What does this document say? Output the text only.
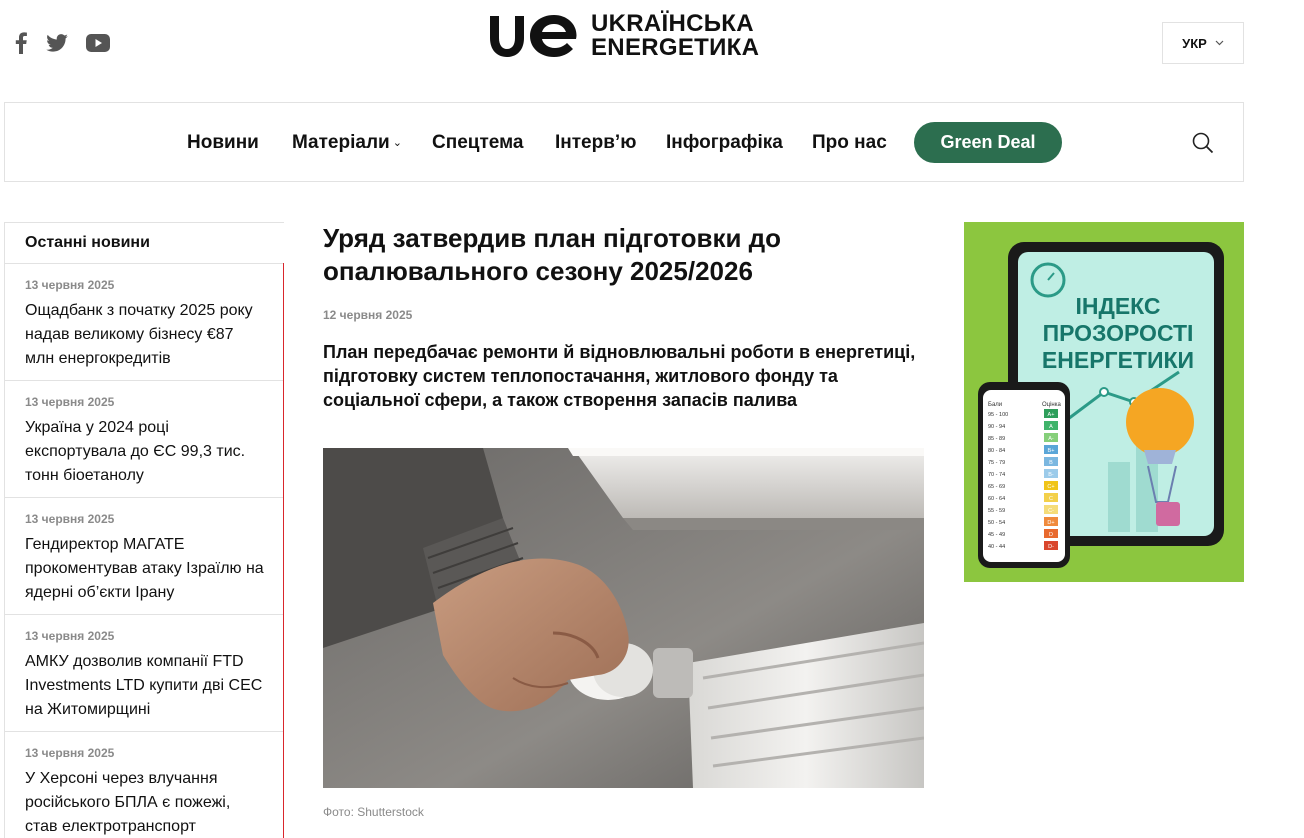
UKRAЇНСЬКА
ENERGETИКА	УКР
Новини Матеріали ⌄ Спецтема Інтерв’ю Інфографіка Про нас	Green Deal
Останні новини
13 червня 2025
Ощадбанк з початку 2025 року надав великому бізнесу €87 млн енергокредитів
13 червня 2025
Україна у 2024 році експортувала до ЄС 99,3 тис. тонн біоетанолу
13 червня 2025
Гендиректор МАГАТЕ прокоментував атаку Ізраїлю на ядерні об’єкти Ірану
13 червня 2025
АМКУ дозволив компанії FTD Investments LTD купити дві СЕС на Житомирщині
13 червня 2025
У Херсоні через влучання російського БПЛА є пожежі, став електротранспорт
Уряд затвердив план підготовки до опалювального сезону 2025/2026
12 червня 2025

План передбачає ремонти й відновлювальні роботи в енергетиці, підготовку систем теплопостачання, житлового фонду та соціальної сфери, а також створення запасів палива

Фото: Shutterstock
ІНДЕКС
ПРОЗОРОСТІ
ЕНЕРГЕТИКИ
Бали	Оцінка
95 - 100	A+
90 - 94	A
85 - 89	A-
80 - 84	B+
75 - 79	B
70 - 74	B-
65 - 69	C+
60 - 64	C
55 - 59	C-
50 - 54	D+
45 - 49	D
40 - 44	D-
